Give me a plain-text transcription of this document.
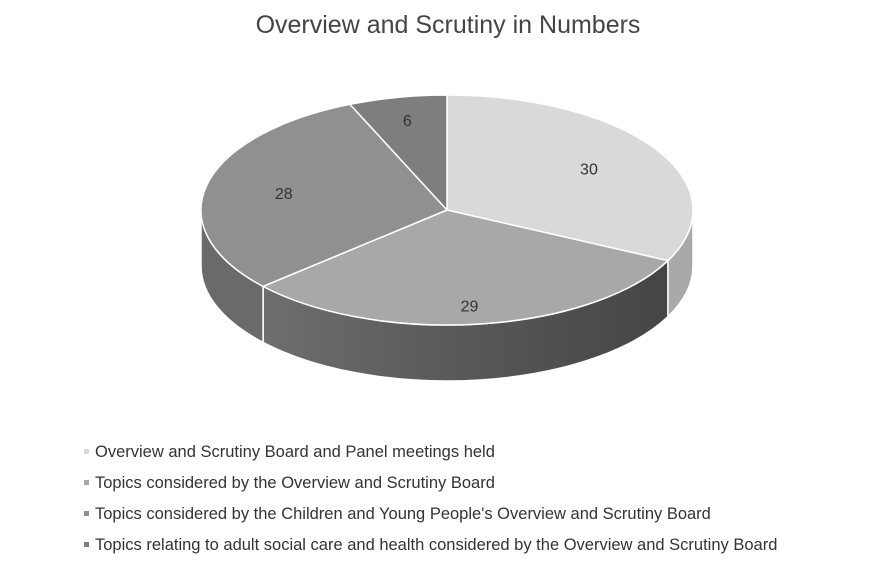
Overview and Scrutiny in Numbers
30
29
28
6
Overview and Scrutiny Board and Panel meetings held
Topics considered by the Overview and Scrutiny Board
Topics considered by the Children and Young People's Overview and Scrutiny Board
Topics relating to adult social care and health considered by the Overview and Scrutiny Board
